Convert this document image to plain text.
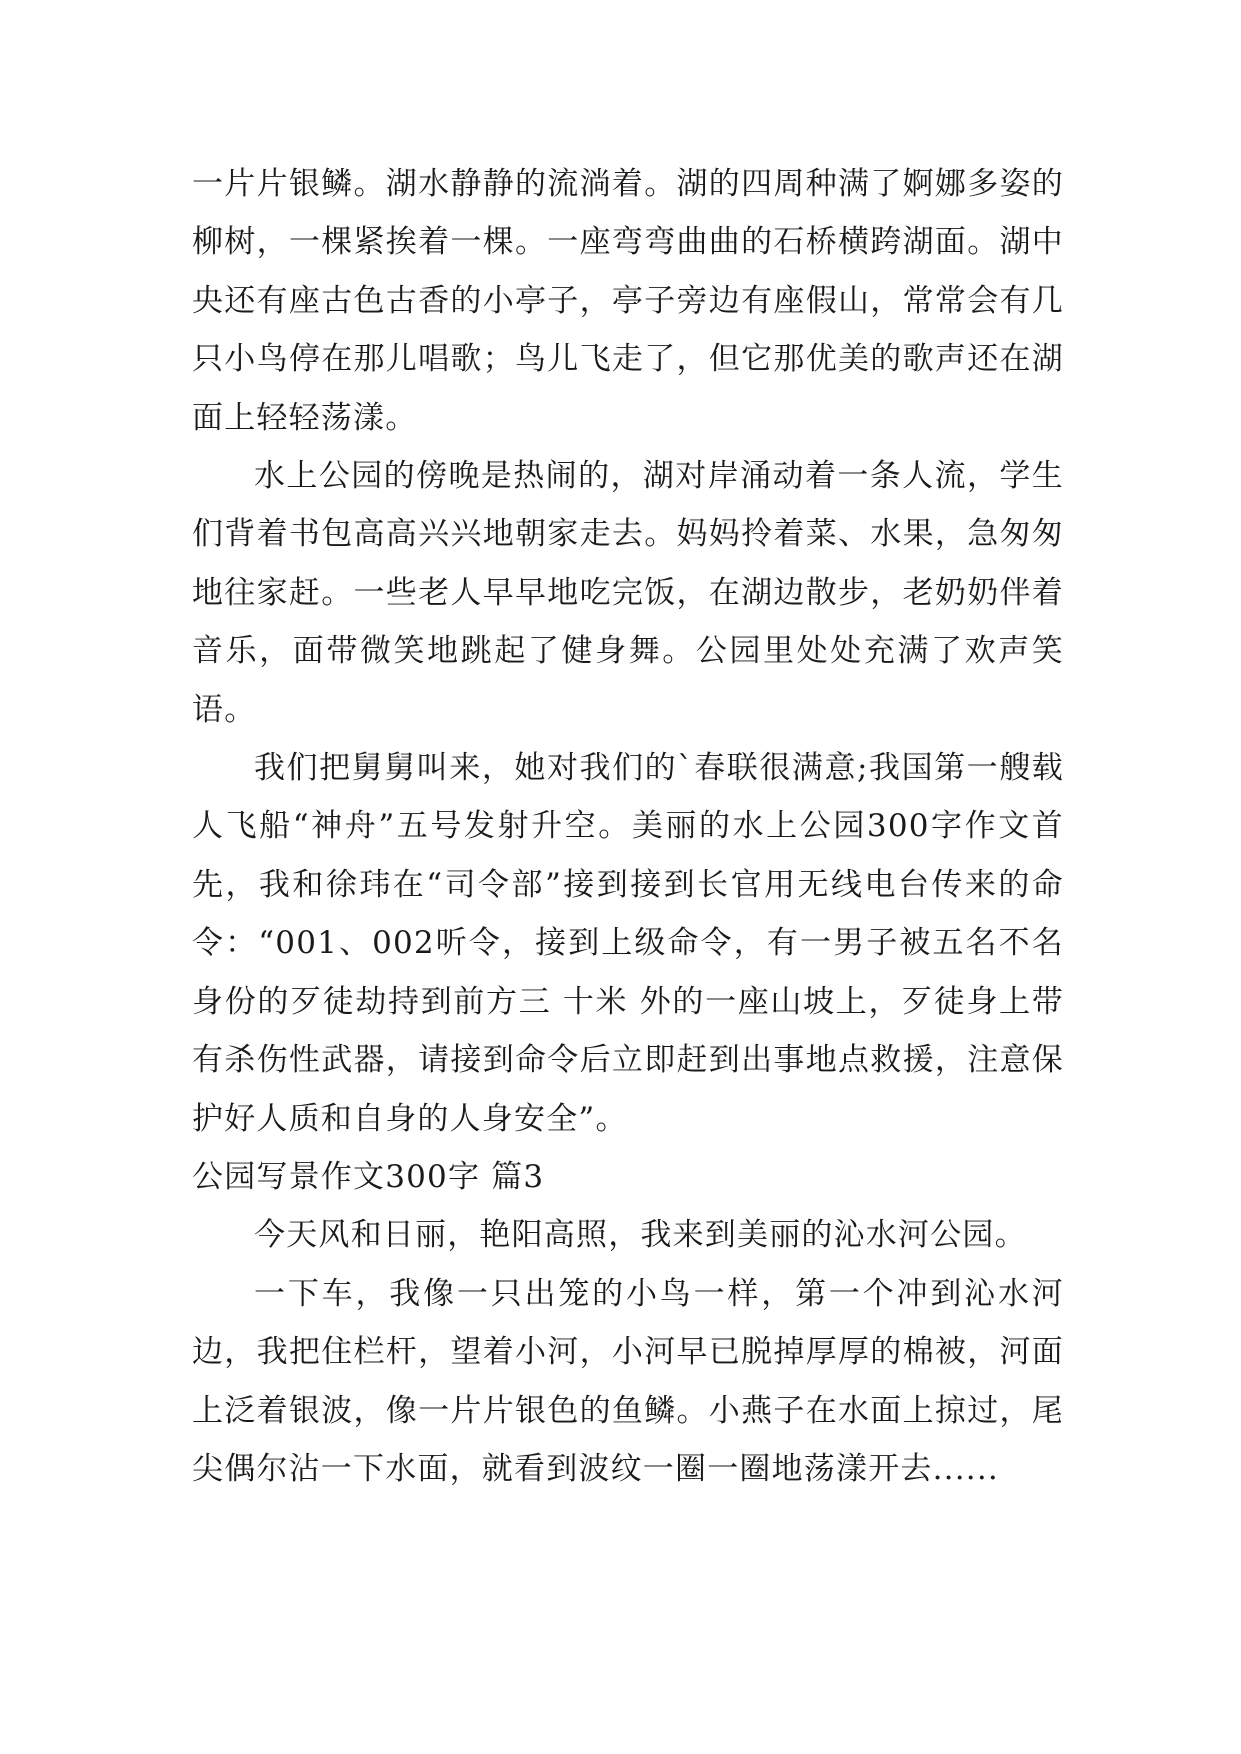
一片片银鳞。湖水静静的流淌着。湖的四周种满了婀娜多姿的柳树，一棵紧挨着一棵。一座弯弯曲曲的石桥横跨湖面。湖中央还有座古色古香的小亭子，亭子旁边有座假山，常常会有几只小鸟停在那儿唱歌；鸟儿飞走了，但它那优美的歌声还在湖面上轻轻荡漾。

水上公园的傍晚是热闹的，湖对岸涌动着一条人流，学生们背着书包高高兴兴地朝家走去。妈妈拎着菜、水果，急匆匆地往家赶。一些老人早早地吃完饭，在湖边散步，老奶奶伴着音乐，面带微笑地跳起了健身舞。公园里处处充满了欢声笑语。

我们把舅舅叫来，她对我们的`春联很满意;我国第一艘载人飞船“神舟”五号发射升空。美丽的水上公园300字作文首先，我和徐玮在“司令部”接到接到长官用无线电台传来的命令：“001、002听令，接到上级命令，有一男子被五名不名身份的歹徒劫持到前方三 十米 外的一座山坡上，歹徒身上带有杀伤性武器，请接到命令后立即赶到出事地点救援，注意保护好人质和自身的人身安全”。

公园写景作文300字 篇3

今天风和日丽，艳阳高照，我来到美丽的沁水河公园。

一下车，我像一只出笼的小鸟一样，第一个冲到沁水河边，我把住栏杆，望着小河，小河早已脱掉厚厚的棉被，河面上泛着银波，像一片片银色的鱼鳞。小燕子在水面上掠过，尾尖偶尔沾一下水面，就看到波纹一圈一圈地荡漾开去......
